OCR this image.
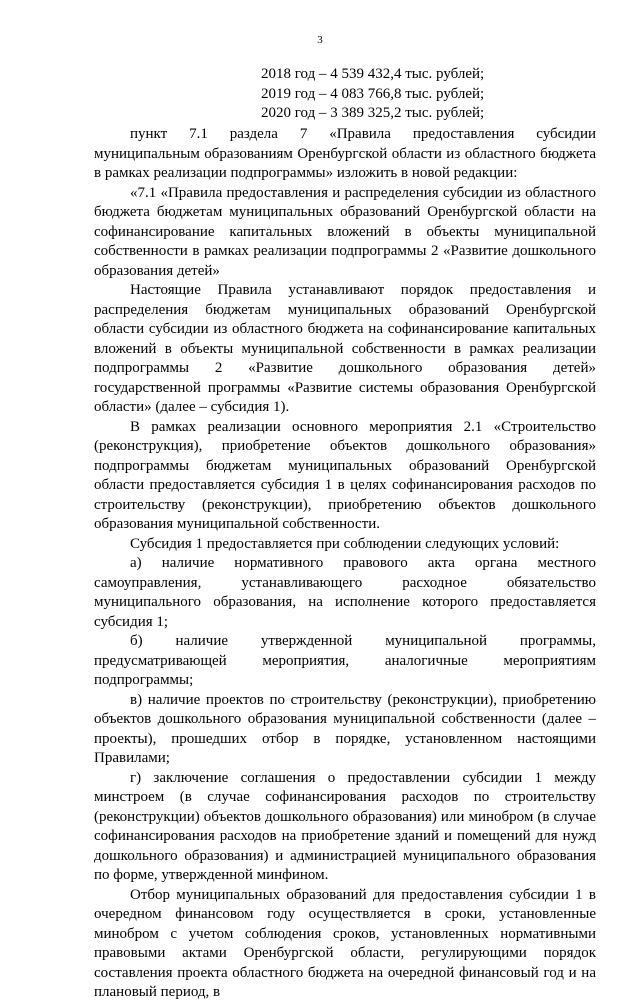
3
2018 год – 4 539 432,4 тыс. рублей;
2019 год – 4 083 766,8 тыс. рублей;
2020 год – 3 389 325,2 тыс. рублей;

пункт 7.1 раздела 7 «Правила предоставления субсидии муниципальным образованиям Оренбургской области из областного бюджета в рамках реализации подпрограммы» изложить в новой редакции:

«7.1 «Правила предоставления и распределения субсидии из областного бюджета бюджетам муниципальных образований Оренбургской области на софинансирование капитальных вложений в объекты муниципальной собственности в рамках реализации подпрограммы 2 «Развитие дошкольного образования детей»

Настоящие Правила устанавливают порядок предоставления и распределения бюджетам муниципальных образований Оренбургской области субсидии из областного бюджета на софинансирование капитальных вложений в объекты муниципальной собственности в рамках реализации подпрограммы 2 «Развитие дошкольного образования детей» государственной программы «Развитие системы образования Оренбургской области» (далее – субсидия 1).

В рамках реализации основного мероприятия 2.1 «Строительство (реконструкция), приобретение объектов дошкольного образования» подпрограммы бюджетам муниципальных образований Оренбургской области предоставляется субсидия 1 в целях софинансирования расходов по строительству (реконструкции), приобретению объектов дошкольного образования муниципальной собственности.

Субсидия 1 предоставляется при соблюдении следующих условий:

а) наличие нормативного правового акта органа местного самоуправления, устанавливающего расходное обязательство муниципального образования, на исполнение которого предоставляется субсидия 1;

б) наличие утвержденной муниципальной программы, предусматривающей мероприятия, аналогичные мероприятиям подпрограммы;

в) наличие проектов по строительству (реконструкции), приобретению объектов дошкольного образования муниципальной собственности (далее – проекты), прошедших отбор в порядке, установленном настоящими Правилами;

г) заключение соглашения о предоставлении субсидии 1 между минстроем (в случае софинансирования расходов по строительству (реконструкции) объектов дошкольного образования) или минобром (в случае софинансирования расходов на приобретение зданий и помещений для нужд дошкольного образования) и администрацией муниципального образования по форме, утвержденной минфином.

Отбор муниципальных образований для предоставления субсидии 1 в очередном финансовом году осуществляется в сроки, установленные минобром с учетом соблюдения сроков, установленных нормативными правовыми актами Оренбургской области, регулирующими порядок составления проекта областного бюджета на очередной финансовый год и на плановый период, в
